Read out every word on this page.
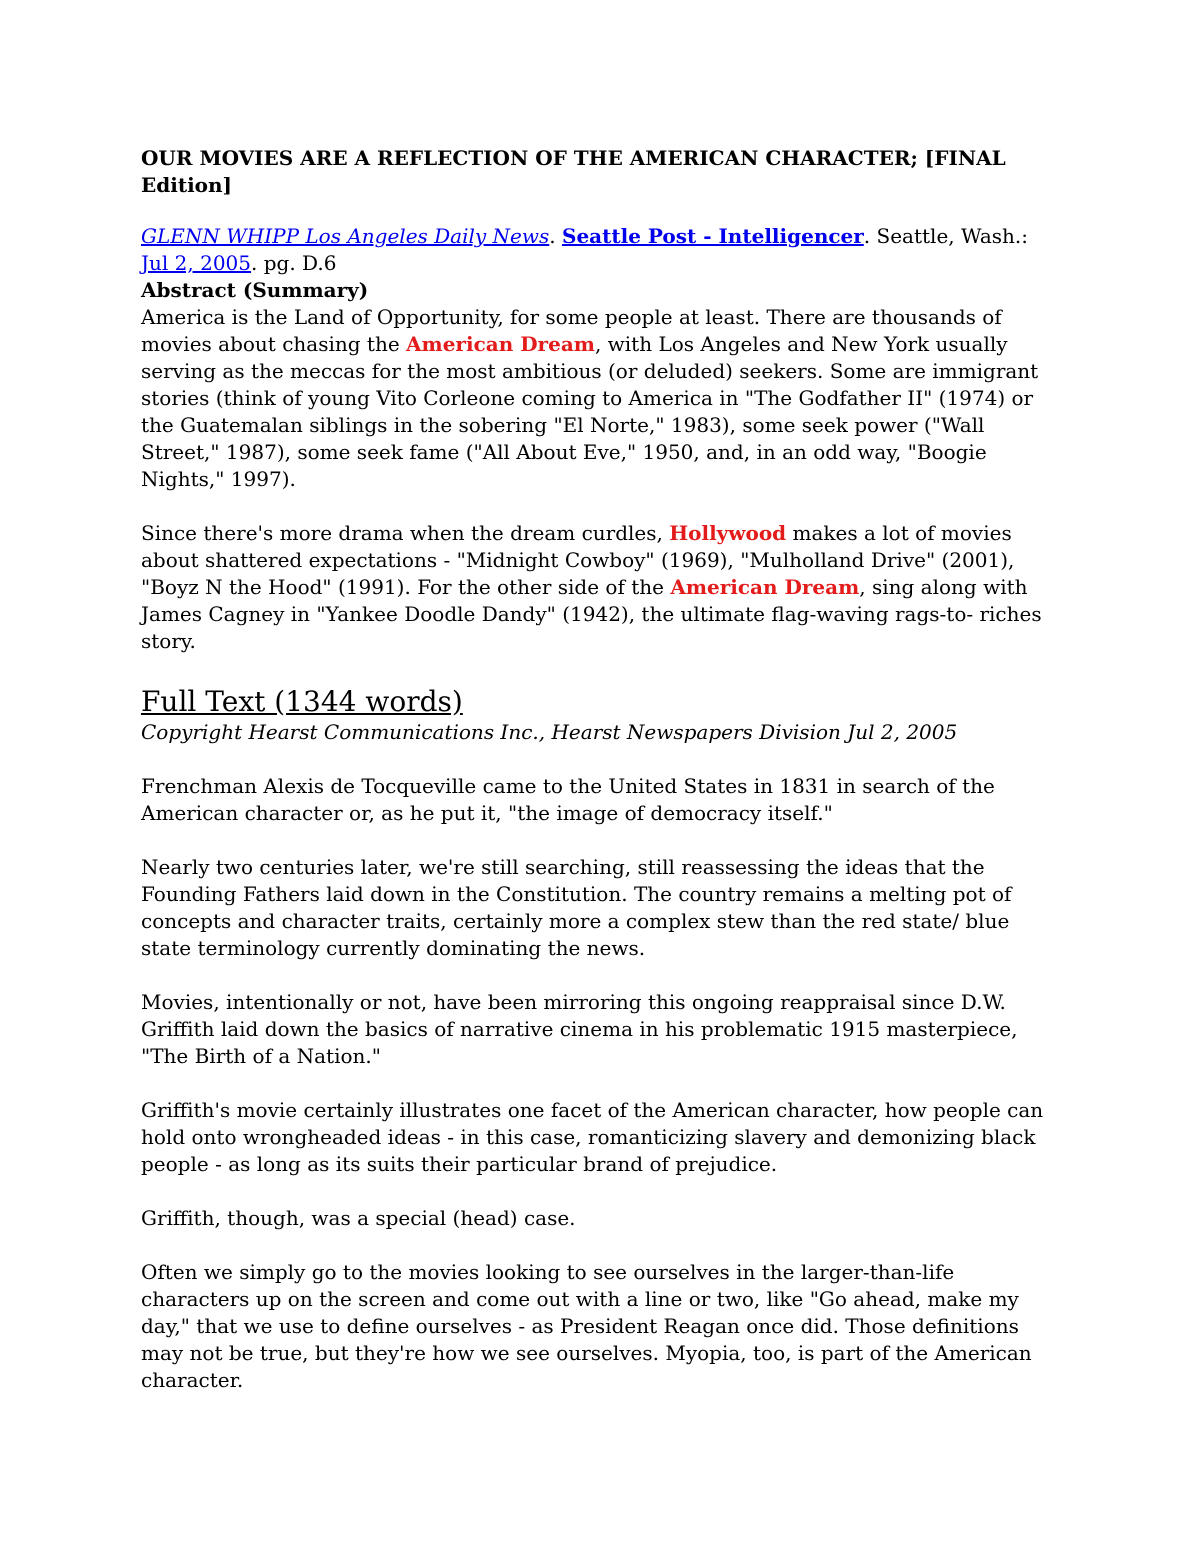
OUR MOVIES ARE A REFLECTION OF THE AMERICAN CHARACTER; [FINAL Edition]

GLENN WHIPP Los Angeles Daily News. Seattle Post - Intelligencer. Seattle, Wash.: Jul 2, 2005. pg. D.6

Abstract (Summary)

America is the Land of Opportunity, for some people at least. There are thousands of movies about chasing the American Dream, with Los Angeles and New York usually serving as the meccas for the most ambitious (or deluded) seekers. Some are immigrant stories (think of young Vito Corleone coming to America in "The Godfather II" (1974) or the Guatemalan siblings in the sobering "El Norte," 1983), some seek power ("Wall Street," 1987), some seek fame ("All About Eve," 1950, and, in an odd way, "Boogie Nights," 1997).

Since there's more drama when the dream curdles, Hollywood makes a lot of movies about shattered expectations - "Midnight Cowboy" (1969), "Mulholland Drive" (2001), "Boyz N the Hood" (1991). For the other side of the American Dream, sing along with James Cagney in "Yankee Doodle Dandy" (1942), the ultimate flag-waving rags-to- riches story.

Full Text (1344 words)

Copyright Hearst Communications Inc., Hearst Newspapers Division Jul 2, 2005

Frenchman Alexis de Tocqueville came to the United States in 1831 in search of the American character or, as he put it, "the image of democracy itself."

Nearly two centuries later, we're still searching, still reassessing the ideas that the Founding Fathers laid down in the Constitution. The country remains a melting pot of concepts and character traits, certainly more a complex stew than the red state/ blue state terminology currently dominating the news.

Movies, intentionally or not, have been mirroring this ongoing reappraisal since D.W. Griffith laid down the basics of narrative cinema in his problematic 1915 masterpiece, "The Birth of a Nation."

Griffith's movie certainly illustrates one facet of the American character, how people can hold onto wrongheaded ideas - in this case, romanticizing slavery and demonizing black people - as long as its suits their particular brand of prejudice.

Griffith, though, was a special (head) case.

Often we simply go to the movies looking to see ourselves in the larger-than-life characters up on the screen and come out with a line or two, like "Go ahead, make my day," that we use to define ourselves - as President Reagan once did. Those definitions may not be true, but they're how we see ourselves. Myopia, too, is part of the American character.
